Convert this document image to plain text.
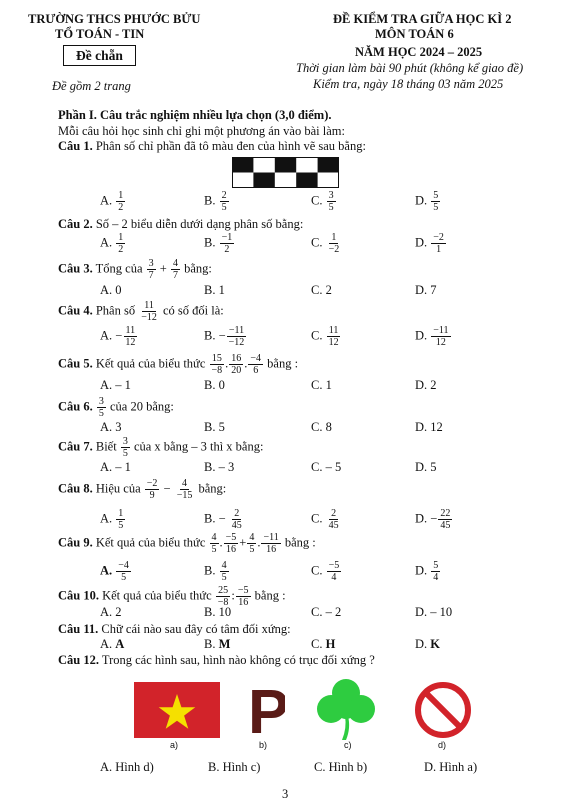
TRƯỜNG THCS PHƯỚC BỬU
TỔ TOÁN - TIN
Đề chẵn
Đề gồm 2 trang
ĐỀ KIỂM TRA GIỮA HỌC KÌ 2
MÔN TOÁN 6
NĂM HỌC 2024 – 2025
Thời gian làm bài 90 phút (không kể giao đề)
Kiểm tra, ngày 18 tháng 03 năm 2025
Phần I. Câu trắc nghiệm nhiều lựa chọn (3,0 điểm).
Mỗi câu hỏi học sinh chỉ ghi một phương án vào bài làm:
Câu 1. Phân số chỉ phần đã tô màu đen của hình vẽ sau bằng:
A. $\frac{1}{2}$	B. $\frac{2}{5}$	C. $\frac{3}{5}$	D. $\frac{5}{5}$
Câu 2. Số – 2 biểu diễn dưới dạng phân số bằng:
A. $\frac{1}{2}$	B. $\frac{-1}{2}$	C. $\frac{1}{-2}$	D. $\frac{-2}{1}$
Câu 3. Tổng của $\frac{3}{7} + \frac{4}{7}$ bằng:
A. 0	B. 1	C. 2	D. 7
Câu 4. Phân số $\frac{11}{-12}$ có số đối là:
A. − $\frac{11}{12}$	B. − $\frac{-11}{-12}$	C. $\frac{11}{12}$	D. $\frac{-11}{12}$
Câu 5. Kết quả của biểu thức $\frac{15}{-8}$ . $\frac{16}{20}$ . $\frac{-4}{6}$ bằng :
A. – 1	B. 0	C. 1	D. 2
Câu 6. $\frac{3}{5}$ của 20 bằng:
A. 3	B. 5	C. 8	D. 12
Câu 7. Biết $\frac{3}{5}$ của x bằng – 3 thì x bằng:
A. – 1	B. – 3	C. – 5	D. 5
Câu 8. Hiệu của $\frac{-2}{9} - \frac{4}{-15}$ bằng:
A. $\frac{1}{5}$	B. − $\frac{2}{45}$	C. $\frac{2}{45}$	D. − $\frac{22}{45}$
Câu 9. Kết quả của biểu thức $\frac{4}{5}$ . $\frac{-5}{16} + \frac{4}{5}$ . $\frac{-11}{16}$ bằng :
A. $\frac{-4}{5}$	B. $\frac{4}{5}$	C. $\frac{-5}{4}$	D. $\frac{5}{4}$
Câu 10. Kết quả của biểu thức $\frac{25}{-8}$ : $\frac{-5}{16}$ bằng :
A. 2	B. 10	C. – 2	D. – 10
Câu 11. Chữ cái nào sau đây có tâm đối xứng:
A. A	B. M	C. H	D. K
Câu 12. Trong các hình sau, hình nào không có trục đối xứng ?
P
a)	b)	c)	d)
A. Hình d)	B. Hình c)	C. Hình b)	D. Hình a)
3
